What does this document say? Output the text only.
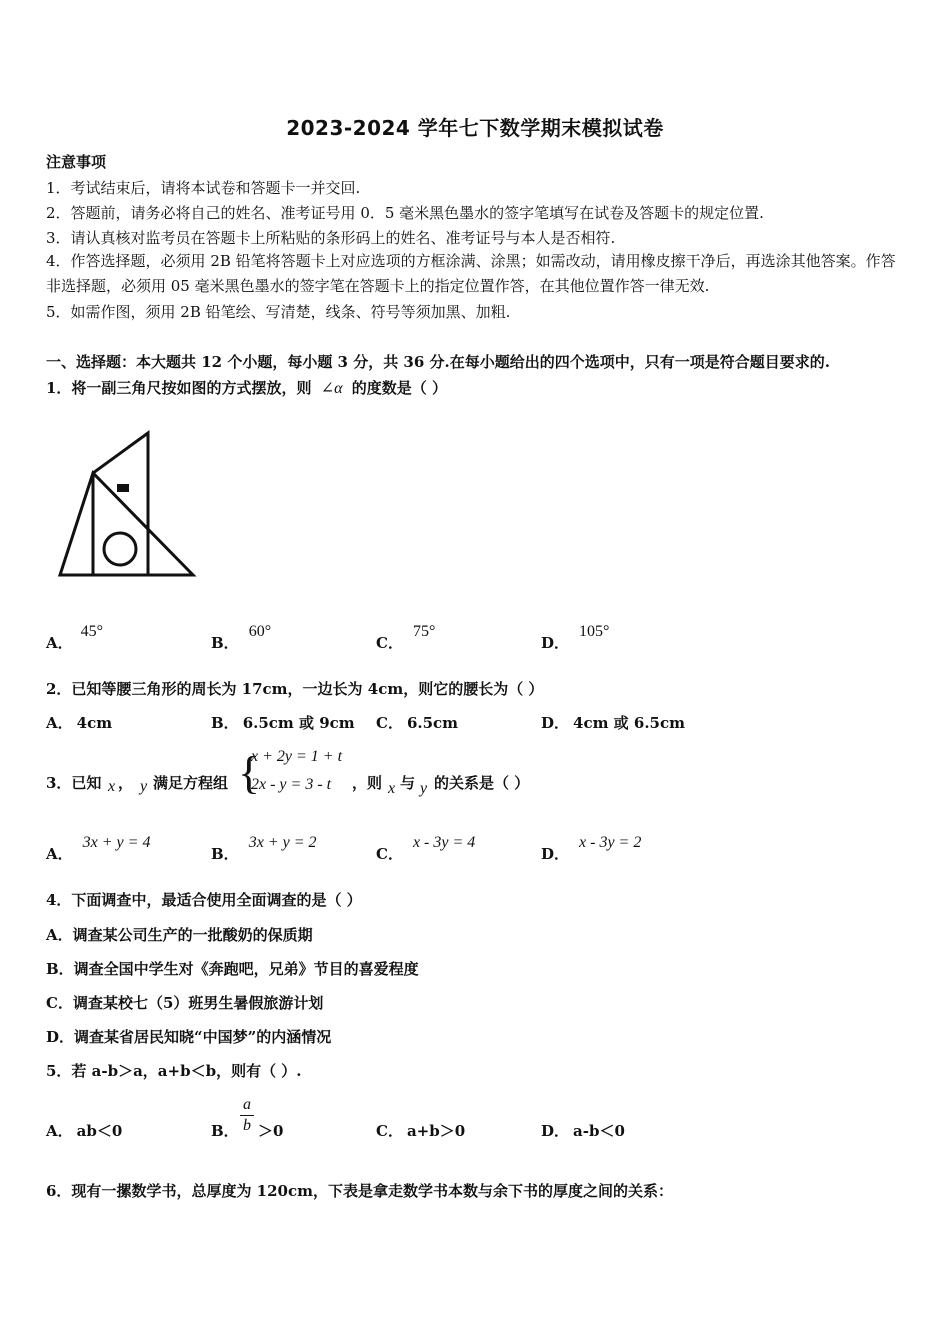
2023-2024 学年七下数学期末模拟试卷
注意事项
1．考试结束后，请将本试卷和答题卡一并交回.
2．答题前，请务必将自己的姓名、准考证号用 0．5 毫米黑色墨水的签字笔填写在试卷及答题卡的规定位置.
3．请认真核对监考员在答题卡上所粘贴的条形码上的姓名、准考证号与本人是否相符.
4．作答选择题，必须用 2B 铅笔将答题卡上对应选项的方框涂满、涂黑；如需改动，请用橡皮擦干净后，再选涂其他答案。作答非选择题，必须用 05 毫米黑色墨水的签字笔在答题卡上的指定位置作答，在其他位置作答一律无效.
5．如需作图，须用 2B 铅笔绘、写清楚，线条、符号等须加黑、加粗.
一、选择题：本大题共 12 个小题，每小题 3 分，共 36 分.在每小题给出的四个选项中，只有一项是符合题目要求的.
1．将一副三角尺按如图的方式摆放，则 ∠α 的度数是（ ）
A．45°
B．60°
C．75°
D．105°
2．已知等腰三角形的周长为 17cm，一边长为 4cm，则它的腰长为（ ）
A． 4cm	B． 6.5cm 或 9cm C． 6.5cm	D． 4cm 或 6.5cm
3．已知 x ， y 满足方程组 {
x + 2y = 1 + t
2x - y = 3 - t ，则 x 与 y 的关系是（ ）
A．3x + y = 4
B．3x + y = 2
C．x - 3y = 4
D．x - 3y = 2
4．下面调查中，最适合使用全面调查的是（ ）
A．调查某公司生产的一批酸奶的保质期
B．调查全国中学生对《奔跑吧，兄弟》节目的喜爱程度
C．调查某校七（5）班男生暑假旅游计划
D．调查某省居民知晓“中国梦”的内涵情况
5．若 a-b＞a，a+b＜b，则有（ ）.
A． ab＜0	B．
a
b ＞0	C． a+b＞0	D． a-b＜0
6．现有一摞数学书，总厚度为 120cm，下表是拿走数学书本数与余下书的厚度之间的关系：
